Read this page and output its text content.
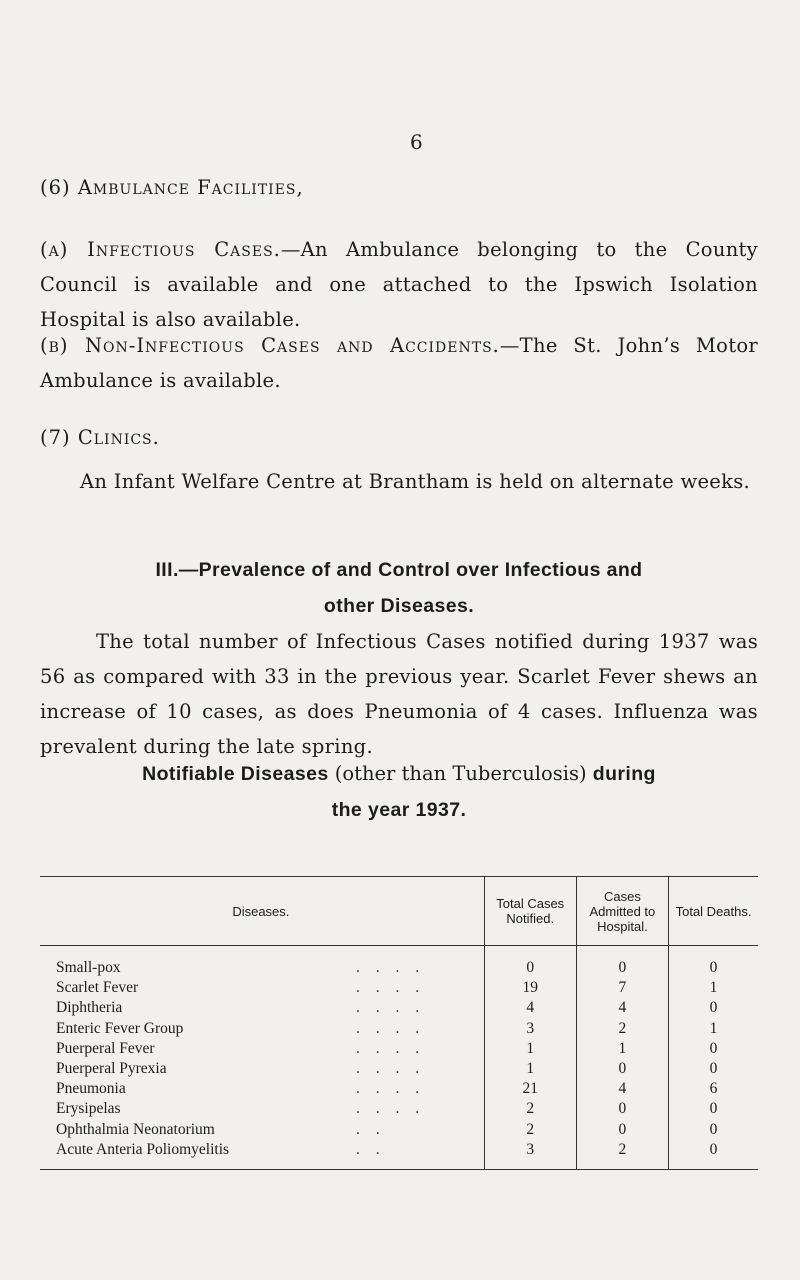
6
(6) Ambulance Facilities,
(a) Infectious Cases.—An Ambulance belonging to the County Council is available and one attached to the Ipswich Isolation Hospital is also available.
(b) Non-Infectious Cases and Accidents.—The St. John’s Motor Ambulance is available.
(7) Clinics.
An Infant Welfare Centre at Brantham is held on alternate weeks.
III.—Prevalence of and Control over Infectious and
other Diseases.
The total number of Infectious Cases notified during 1937 was 56 as compared with 33 in the previous year. Scarlet Fever shews an increase of 10 cases, as does Pneumonia of 4 cases. Influenza was prevalent during the late spring.
Notifiable Diseases (other than Tuberculosis) during
the year 1937.
Diseases.	Total Cases Notified.	Cases Admitted to Hospital.	Total Deaths.
Small-pox . . . .	0	0	0
Scarlet Fever . . . .	19	7	1
Diphtheria . . . .	4	4	0
Enteric Fever Group . . . .	3	2	1
Puerperal Fever . . . .	1	1	0
Puerperal Pyrexia . . . .	1	0	0
Pneumonia . . . .	21	4	6
Erysipelas . . . .	2	0	0
Ophthalmia Neonatorium . .	2	0	0
Acute Anteria Poliomyelitis . .	3	2	0
